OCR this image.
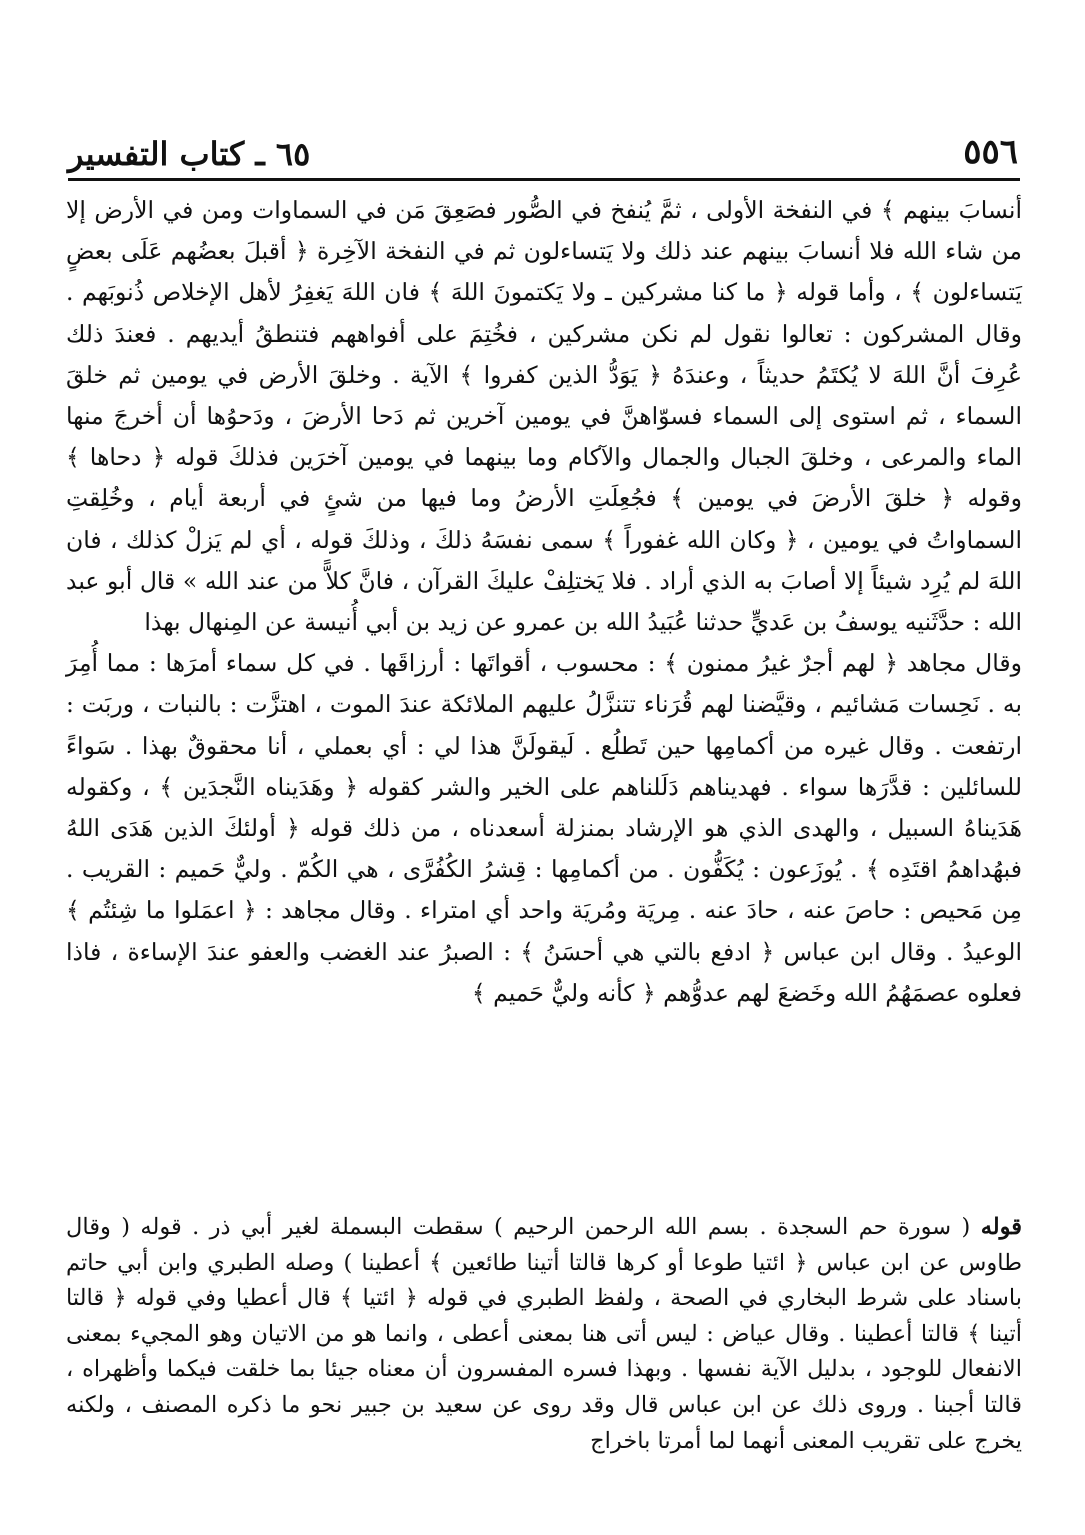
٥٥٦
٦٥ ـ كتاب التفسير

أنسابَ بينهم ﴾ في النفخة الأولى ، ثمَّ يُنفخ في الصُّور فصَعِقَ مَن في السماوات ومن في الأرض إلا من شاء الله فلا أنسابَ بينهم عند ذلك ولا يَتساءلون ثم في النفخة الآخِرة ﴿ أقبلَ بعضُهم عَلَى بعضٍ يَتساءلون ﴾ ، وأما قوله ﴿ ما كنا مشركين ـ ولا يَكتمونَ اللهَ ﴾ فان اللهَ يَغفِرُ لأهل الإخلاص ذُنوبَهم . وقال المشركون : تعالوا نقول لم نكن مشركين ، فخُتِمَ على أفواههم فتنطقُ أيديهم . فعندَ ذلك عُرِفَ أنَّ اللهَ لا يُكتَمُ حديثاً ، وعندَهُ ﴿ يَوَدُّ الذين كفروا ﴾ الآية . وخلقَ الأرض في يومين ثم خلقَ السماء ، ثم استوى إلى السماء فسوّاهنَّ في يومين آخرين ثم دَحا الأرضَ ، ودَحوُها أن أخرجَ منها الماء والمرعى ، وخلقَ الجبال والجمال والآكام وما بينهما في يومين آخرَين فذلكَ قوله ﴿ دحاها ﴾ وقوله ﴿ خلقَ الأرضَ في يومين ﴾ فجُعِلَتِ الأرضُ وما فيها من شئٍ في أربعة أيام ، وخُلِقتِ السماواتُ في يومين ، ﴿ وكان الله غفوراً ﴾ سمى نفسَهُ ذلكَ ، وذلكَ قوله ، أي لم يَزلْ كذلك ، فان اللهَ لم يُرِد شيئاً إلا أصابَ به الذي أراد . فلا يَختلِفْ عليكَ القرآن ، فانَّ كلاًّ من عند الله » قال أبو عبد الله : حدَّثَنيه يوسفُ بن عَديٍّ حدثنا عُبَيدُ الله بن عمرو عن زيد بن أبي أُنيسة عن المِنهال بهذا

وقال مجاهد ﴿ لهم أجرٌ غيرُ ممنون ﴾ : محسوب ، أقواتَها : أرزاقَها . في كل سماء أمرَها : مما أُمِرَ به . نَحِسات مَشائيم ، وقيَّضنا لهم قُرَناء تتنزَّلُ عليهم الملائكة عندَ الموت ، اهتزَّت : بالنبات ، وربَت : ارتفعت . وقال غيره من أكمامِها حين تَطلُع . لَيقولَنَّ هذا لي : أي بعملي ، أنا محقوقٌ بهذا . سَواءً للسائلين : قدَّرَها سواء . فهديناهم دَلَلناهم على الخير والشر كقوله ﴿ وهَدَيناه النَّجدَين ﴾ ، وكقوله هَدَيناهُ السبيل ، والهدى الذي هو الإرشاد بمنزلة أسعدناه ، من ذلك قوله ﴿ أولئكَ الذين هَدَى اللهُ فبهُداهمُ اقتَدِه ﴾ . يُوزَعون : يُكَفُّون . من أكمامِها : قِشرُ الكُفُرَّى ، هي الكُمّ . وليٌّ حَميم : القريب . مِن مَحيص : حاصَ عنه ، حادَ عنه . مِريَة ومُريَة واحد أي امتراء . وقال مجاهد : ﴿ اعمَلوا ما شِئتُم ﴾ الوعيدُ . وقال ابن عباس ﴿ ادفع بالتي هي أحسَنُ ﴾ : الصبرُ عند الغضب والعفو عندَ الإساءة ، فاذا فعلوه عصمَهُمُ الله وخَضعَ لهم عدوُّهم ﴿ كأنه وليٌّ حَميم ﴾

قوله ( سورة حم السجدة . بسم الله الرحمن الرحيم ) سقطت البسملة لغير أبي ذر . قوله ( وقال طاوس عن ابن عباس ﴿ ائتيا طوعا أو كرها قالتا أتينا طائعين ﴾ أعطينا ) وصله الطبري وابن أبي حاتم باسناد على شرط البخاري في الصحة ، ولفظ الطبري في قوله ﴿ ائتيا ﴾ قال أعطيا وفي قوله ﴿ قالتا أتينا ﴾ قالتا أعطينا . وقال عياض : ليس أتى هنا بمعنى أعطى ، وانما هو من الاتيان وهو المجيء بمعنى الانفعال للوجود ، بدليل الآية نفسها . وبهذا فسره المفسرون أن معناه جيئا بما خلقت فيكما وأظهراه ، قالتا أجبنا . وروى ذلك عن ابن عباس قال وقد روى عن سعيد بن جبير نحو ما ذكره المصنف ، ولكنه يخرج على تقريب المعنى أنهما لما أمرتا باخراج
